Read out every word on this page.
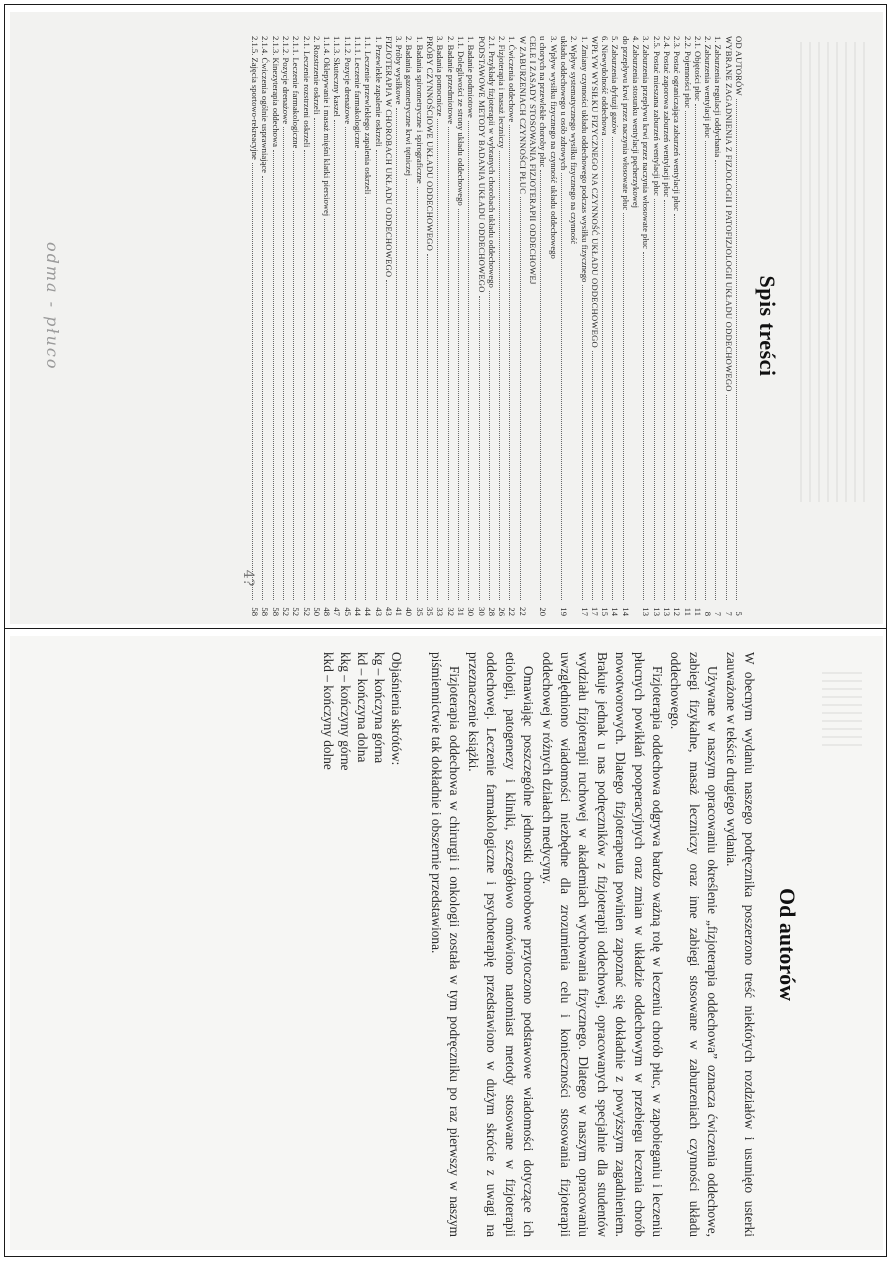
Spis treści
OD AUTORÓW
5
WYBRANE ZAGADNIENIA Z FIZJOLOGII I PATOFIZJOLOGII UKŁADU ODDECHOWEGO
7
1. Zaburzenia regulacji oddychania
7
2. Zaburzenia wentylacji płuc
8
2.1. Objętości płuc
11
2.2. Pojemności płuc
11
2.3. Postać ograniczająca zaburzeń wentylacji płuc
12
2.4. Postać zaporowa zaburzeń wentylacji płuc
13
2.5. Postać mieszana zaburzeń wentylacji płuc
13
3. Zaburzenia przepływu krwi przez naczynia włosowate płuc
13
4. Zaburzenia stosunku wentylacji pęcherzykowej
do przepływu krwi przez naczynia włosowate płuc
14
5. Zaburzenia dyfuzji gazów
14
6. Niewydolność oddechowa
15
WPŁYW WYSIŁKU FIZYCZNEGO NA CZYNNOŚĆ UKŁADU ODDECHOWEGO
17
1. Zmiany czynności układu oddechowego podczas wysiłku fizycznego
17
2. Wpływ systematycznego wysiłku fizycznego na czynność
układu oddechowego u osób zdrowych
19
3. Wpływ wysiłku fizycznego na czynność układu oddechowego
u chorych na przewlekłe choroby płuc
20
CELE I ZASADY STOSOWANIA FIZJOTERAPII ODDECHOWEJ
W ZABURZENIACH CZYNNOŚCI PŁUC
22
1. Ćwiczenia oddechowe
22
2. Fizjoterapia i masaż leczniczy
26
2.1. Przykłady fizjoterapii w wybranych chorobach układu oddechowego
28
PODSTAWOWE METODY BADANIA UKŁADU ODDECHOWEGO
30
1. Badanie podmiotowe
30
1.1. Dolegliwości ze strony układu oddechowego
31
2. Badanie przedmiotowe
32
3. Badania pomocnicze
33
PRÓBY CZYNNOŚCIOWE UKŁADU ODDECHOWEGO
35
1. Badania spirometryczne i spirograficzne
35
2. Badania gazometryczne krwi tętniczej
40
3. Próby wysiłkowe
41
FIZJOTERAPIA W CHOROBACH UKŁADU ODDECHOWEGO
43
1. Przewlekłe zapalenie oskrzeli
43
1.1. Leczenie przewlekłego zapalenia oskrzeli
44
1.1.1. Leczenie farmakologiczne
44
1.1.2. Pozycje drenażowe
45
1.1.3. Skuteczny kaszel
47
1.1.4. Oklepywanie i masaż mięśni klatki piersiowej
48
2. Rozstrzenie oskrzeli
50
2.1. Leczenie rozstrzeni oskrzeli
52
2.1.1. Leczenie farmakologiczne
52
2.1.2. Pozycje drenażowe
52
2.1.3. Kinezyterapia oddechowa
58
2.1.4. Ćwiczenia ogólnie usprawniające
58
2.1.5. Zajęcia sportowo-rekreacyjne
58
odma - płuco
4?
Od autorów

W obecnym wydaniu naszego podręcznika poszerzono treść niektórych rozdziałów i usunięto usterki zauważone w tekście drugiego wydania.

Używane w naszym opracowaniu określenie „fizjoterapia oddechowa” oznacza ćwiczenia oddechowe, zabiegi fizykalne, masaż leczniczy oraz inne zabiegi stosowane w zaburzeniach czynności układu oddechowego.

Fizjoterapia oddechowa odgrywa bardzo ważną rolę w leczeniu chorób płuc, w zapobieganiu i leczeniu płucnych powikłań pooperacyjnych oraz zmian w układzie oddechowym w przebiegu leczenia chorób nowotworowych. Dlatego fizjoterapeuta powinien zapoznać się dokładnie z powyższym zagadnieniem. Brakuje jednak u nas podręczników z fizjoterapii oddechowej, opracowanych specjalnie dla studentów wydziału fizjoterapii ruchowej w akademiach wychowania fizycznego. Dlatego w naszym opracowaniu uwzględniono wiadomości niezbędne dla zrozumienia celu i konieczności stosowania fizjoterapii oddechowej w różnych działach medycyny.

Omawiając poszczególne jednostki chorobowe przytoczono podstawowe wiadomości dotyczące ich etiologii, patogenezy i kliniki, szczegółowo omówiono natomiast metody stosowane w fizjoterapii oddechowej. Leczenie farmakologiczne i psychoterapię przedstawiono w dużym skrócie z uwagi na przeznaczenie książki.

Fizjoterapia oddechowa w chirurgii i onkologii została w tym podręczniku po raz pierwszy w naszym piśmiennictwie tak dokładnie i obszernie przedstawiona.

Objaśnienia skrótów:
kg – kończyna górna
kd – kończyna dolna
kkg – kończyny górne
kkd – kończyny dolne
